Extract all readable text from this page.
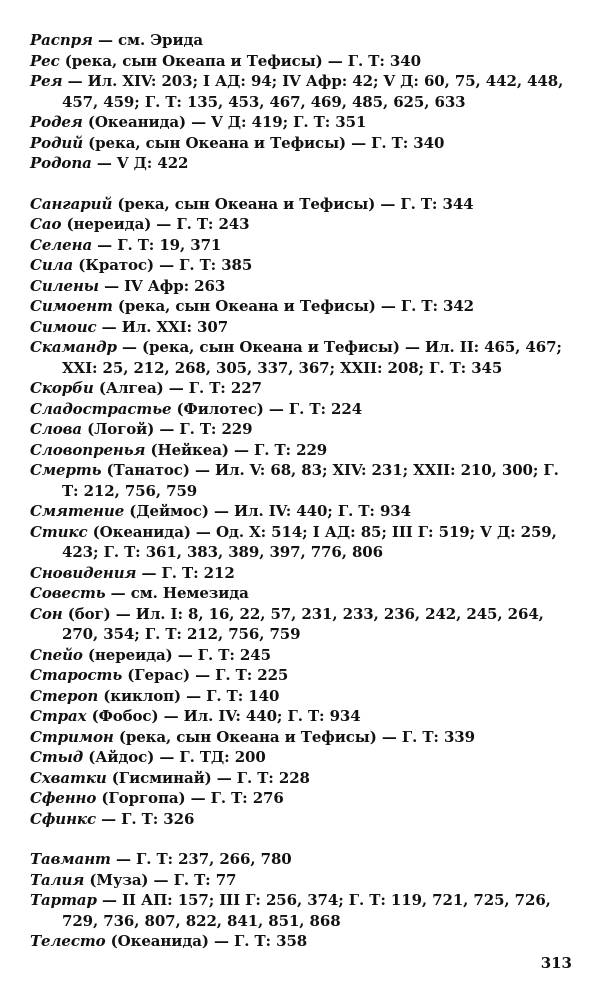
Распря — см. Эрида
Рес (река, сын Океапа и Тефисы) — Г. Т: 340
Рея — Ил. XIV: 203; I АД: 94; IV Афр: 42; V Д: 60, 75, 442, 448, 457, 459; Г. Т: 135, 453, 467, 469, 485, 625, 633
Родея (Океанида) — V Д: 419; Г. Т: 351
Родий (река, сын Океана и Тефисы) — Г. Т: 340
Родопа — V Д: 422
Сангарий (река, сын Океана и Тефисы) — Г. Т: 344
Сао (нереида) — Г. Т: 243
Селена — Г. Т: 19, 371
Сила (Кратос) — Г. Т: 385
Силены — IV Афр: 263
Симоент (река, сын Океана и Тефисы) — Г. Т: 342
Симоис — Ил. XXI: 307
Скамандр — (река, сын Океана и Тефисы) — Ил. II: 465, 467; XXI: 25, 212, 268, 305, 337, 367; XXII: 208; Г. Т: 345
Скорби (Алгеа) — Г. Т: 227
Сладострастье (Филотес) — Г. Т: 224
Слова (Логой) — Г. Т: 229
Словопренья (Нейкеа) — Г. Т: 229
Смерть (Танатос) — Ил. V: 68, 83; XIV: 231; XXII: 210, 300; Г. Т: 212, 756, 759
Смятение (Деймос) — Ил. IV: 440; Г. Т: 934
Стикс (Океанида) — Од. X: 514; I АД: 85; III Г: 519; V Д: 259, 423; Г. Т: 361, 383, 389, 397, 776, 806
Сновидения — Г. Т: 212
Совесть — см. Немезида
Сон (бог) — Ил. I: 8, 16, 22, 57, 231, 233, 236, 242, 245, 264, 270, 354; Г. Т: 212, 756, 759
Спейо (нереида) — Г. Т: 245
Старость (Герас) — Г. Т: 225
Стероп (киклоп) — Г. Т: 140
Страх (Фобос) — Ил. IV: 440; Г. Т: 934
Стримон (река, сын Океана и Тефисы) — Г. Т: 339
Стыд (Айдос) — Г. ТД: 200
Схватки (Гисминай) — Г. Т: 228
Сфенно (Горгопа) — Г. Т: 276
Сфинкс — Г. Т: 326
Тавмант — Г. Т: 237, 266, 780
Талия (Муза) — Г. Т: 77
Тартар — II АП: 157; III Г: 256, 374; Г. Т: 119, 721, 725, 726, 729, 736, 807, 822, 841, 851, 868
Телесто (Океанида) — Г. Т: 358
313
